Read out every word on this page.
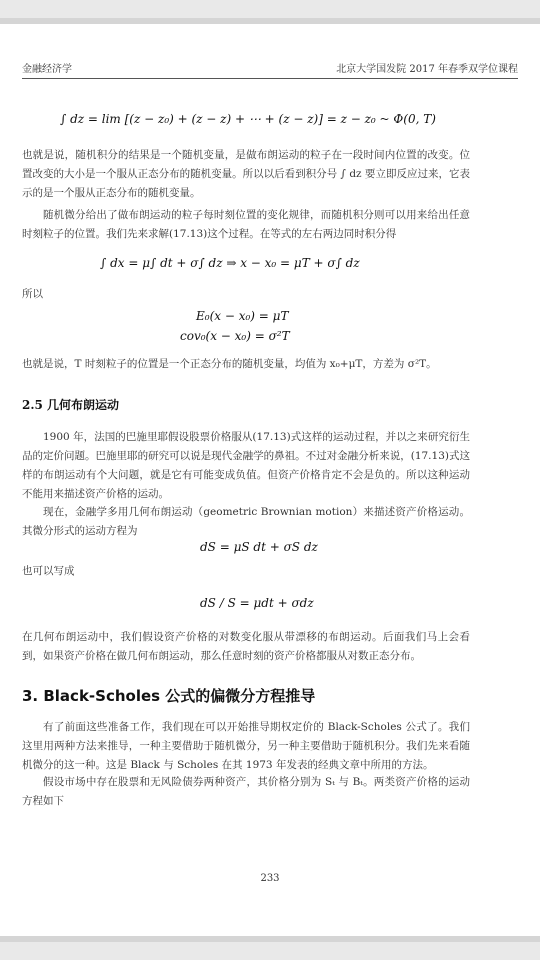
金融经济学	北京大学国发院 2017 年春季双学位课程
∫ dz = lim [(z − z₀) + (z − z) + ⋯ + (z − z)] = z − z₀ ~ Φ(0, T)
也就是说，随机积分的结果是一个随机变量，是做布朗运动的粒子在一段时间内位置的改变。位置改变的大小是一个服从正态分布的随机变量。所以以后看到积分号 ∫ dz 要立即反应过来，它表示的是一个服从正态分布的随机变量。
随机微分给出了做布朗运动的粒子每时刻位置的变化规律，而随机积分则可以用来给出任意时刻粒子的位置。我们先来求解(17.13)这个过程。在等式的左右两边同时积分得
∫ dx = μ∫ dt + σ∫ dz ⇒ x − x₀ = μT + σ∫ dz
所以
E₀(x − x₀) = μT
cov₀(x − x₀) = σ²T
也就是说，T 时刻粒子的位置是一个正态分布的随机变量，均值为 x₀+μT，方差为 σ²T。
2.5 几何布朗运动
1900 年，法国的巴施里耶假设股票价格服从(17.13)式这样的运动过程，并以之来研究衍生品的定价问题。巴施里耶的研究可以说是现代金融学的鼻祖。不过对金融分析来说，(17.13)式这样的布朗运动有个大问题，就是它有可能变成负值。但资产价格肯定不会是负的。所以这种运动不能用来描述资产价格的运动。
现在，金融学多用几何布朗运动（geometric Brownian motion）来描述资产价格运动。其微分形式的运动方程为
dS = μS dt + σS dz
也可以写成
dS / S = μdt + σdz
在几何布朗运动中，我们假设资产价格的对数变化服从带漂移的布朗运动。后面我们马上会看到，如果资产价格在做几何布朗运动，那么任意时刻的资产价格都服从对数正态分布。
3. Black-Scholes 公式的偏微分方程推导
有了前面这些准备工作，我们现在可以开始推导期权定价的 Black-Scholes 公式了。我们这里用两种方法来推导，一种主要借助于随机微分，另一种主要借助于随机积分。我们先来看随机微分的这一种。这是 Black 与 Scholes 在其 1973 年发表的经典文章中所用的方法。
假设市场中存在股票和无风险债券两种资产，其价格分别为 Sₜ 与 Bₜ。两类资产价格的运动方程如下
233
